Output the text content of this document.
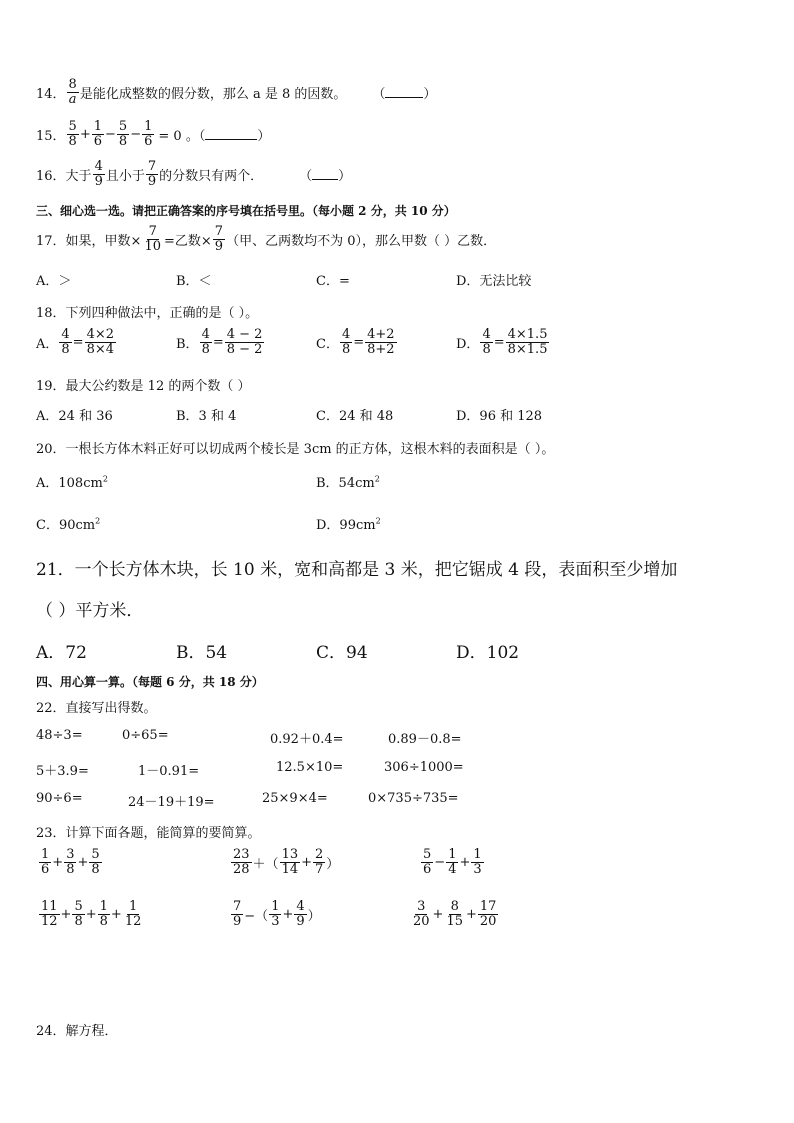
14． $\frac{8}{a}$ 是能化成整数的假分数，那么 a 是 8 的因数。 （	）
15． $\frac{5}{8} + \frac{1}{6} - \frac{5}{8} - \frac{1}{6} = 0$ 。（	）
16． 大于 $\frac{4}{9}$ 且小于 $\frac{7}{9}$ 的分数只有两个．	（ ）
三、细心选一选。请把正确答案的序号填在括号里。（每小题 2 分，共 10 分）
17．如果，甲数× $\frac{7}{10}$ =乙数× $\frac{7}{9}$ （甲、乙两数均不为 0），那么甲数（ ）乙数．
A．＞	B．＜	C．=	D．无法比较
18．下列四种做法中，正确的是（ ）。
A． $\frac{4}{8} = \frac{4\times 2}{8\times 4}$	B． $\frac{4}{8} = \frac{4 - 2}{8 - 2}$	C． $\frac{4}{8} = \frac{4+2}{8+2}$	D． $\frac{4}{8} = \frac{4\times 1.5}{8\times 1.5}$
19．最大公约数是 12 的两个数（ ）
A．24 和 36	B．3 和 4	C．24 和 48	D．96 和 128
20．一根长方体木料正好可以切成两个棱长是 3cm 的正方体，这根木料的表面积是（ ）。
A．$108cm^2$	B．$54cm^2$
C．$90cm^2$	D．$99cm^2$
21．一个长方体木块，长 10 米，宽和高都是 3 米，把它锯成 4 段，表面积至少增加
（ ）平方米．
A．72	B．54	C．94	D．102
四、用心算一算。（每题 6 分，共 18 分）
22．直接写出得数。
48÷3=	0÷65=	0.92＋0.4=	0.89－0.8=
5＋3.9=	1－0.91=	12.5×10=	306÷1000=
90÷6=	24－19＋19=	25×9×4=	0×735÷735=
23．计算下面各题，能简算的要简算。
$\frac{1}{6} + \frac{3}{8} + \frac{5}{8}$	$\frac{23}{28}$ ＋（ $\frac{13}{14} + \frac{2}{7}$ ）	$\frac{5}{6} - \frac{1}{4} + \frac{1}{3}$
$\frac{11}{12} + \frac{5}{8} + \frac{1}{8} + \frac{1}{12}$	$\frac{7}{9}$ −（ $\frac{1}{3} + \frac{4}{9}$ ）	$\frac{3}{20} + \frac{8}{15} + \frac{17}{20}$
24．解方程．
